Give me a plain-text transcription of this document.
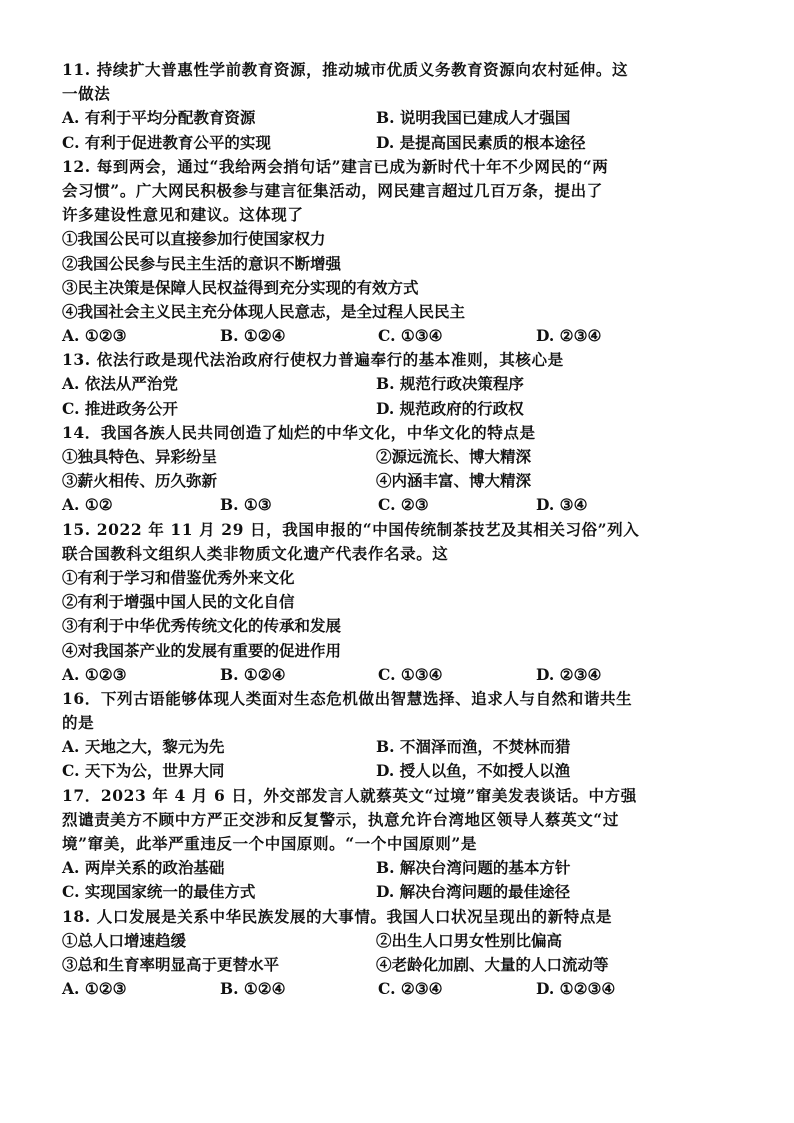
11. 持续扩大普惠性学前教育资源，推动城市优质义务教育资源向农村延伸。这
一做法
A. 有利于平均分配教育资源	B. 说明我国已建成人才强国
C. 有利于促进教育公平的实现	D. 是提高国民素质的根本途径
12. 每到两会，通过“我给两会捎句话”建言已成为新时代十年不少网民的“两
会习惯”。广大网民积极参与建言征集活动，网民建言超过几百万条，提出了
许多建设性意见和建议。这体现了
①我国公民可以直接参加行使国家权力
②我国公民参与民主生活的意识不断增强
③民主决策是保障人民权益得到充分实现的有效方式
④我国社会主义民主充分体现人民意志，是全过程人民民主
A. ①②③	B. ①②④	C. ①③④	D. ②③④
13. 依法行政是现代法治政府行使权力普遍奉行的基本准则，其核心是
A. 依法从严治党	B. 规范行政决策程序
C. 推进政务公开	D. 规范政府的行政权
14．我国各族人民共同创造了灿烂的中华文化，中华文化的特点是
①独具特色、异彩纷呈	②源远流长、博大精深
③薪火相传、历久弥新	④内涵丰富、博大精深
A. ①②	B. ①③	C. ②③	D. ③④
15. 2022 年 11 月 29 日，我国申报的“中国传统制茶技艺及其相关习俗”列入
联合国教科文组织人类非物质文化遗产代表作名录。这
①有利于学习和借鉴优秀外来文化
②有利于增强中国人民的文化自信
③有利于中华优秀传统文化的传承和发展
④对我国茶产业的发展有重要的促进作用
A. ①②③	B. ①②④	C. ①③④	D. ②③④
16．下列古语能够体现人类面对生态危机做出智慧选择、追求人与自然和谐共生
的是
A. 天地之大，黎元为先	B. 不涸泽而渔，不焚林而猎
C. 天下为公，世界大同	D. 授人以鱼，不如授人以渔
17．2023 年 4 月 6 日，外交部发言人就蔡英文“过境”窜美发表谈话。中方强
烈谴责美方不顾中方严正交涉和反复警示，执意允许台湾地区领导人蔡英文“过
境”窜美，此举严重违反一个中国原则。“一个中国原则”是
A. 两岸关系的政治基础	B. 解决台湾问题的基本方针
C. 实现国家统一的最佳方式	D. 解决台湾问题的最佳途径
18. 人口发展是关系中华民族发展的大事情。我国人口状况呈现出的新特点是
①总人口增速趋缓	②出生人口男女性别比偏高
③总和生育率明显高于更替水平	④老龄化加剧、大量的人口流动等
A. ①②③	B. ①②④	C. ②③④	D. ①②③④
